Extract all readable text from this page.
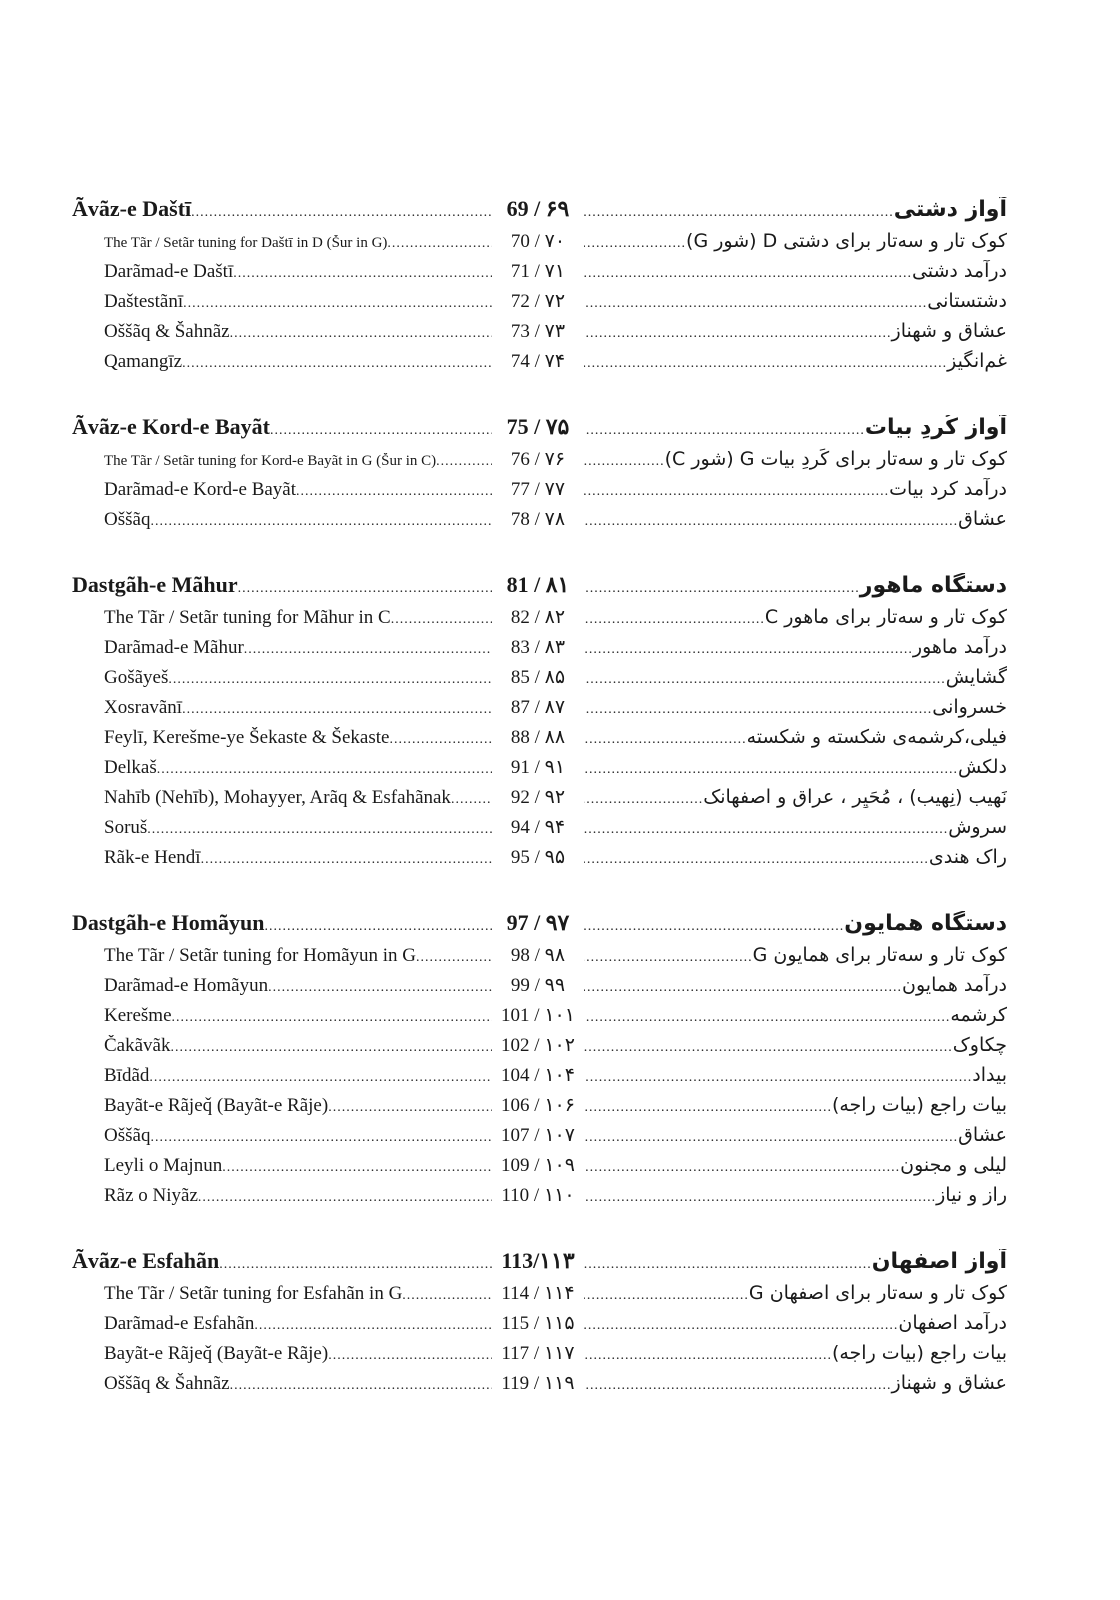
Ãvãz-e Daštī .....	69 / ۶۹	آواز دشتی
.....
The Tãr / Setãr tuning for Daštī in D (Šur in G) .....	70 / ۷۰	کوک تار و سه‌تار برای دشتی D (شور G)
.....
Darãmad-e Daštī .....	71 / ۷۱	درآمد دشتی
.....
Daštestãnī .....	72 / ۷۲	دشتستانی
.....
Oššãq & Šahnãz .....	73 / ۷۳	عشاق و شهناز
.....
Qamangīz .....	74 / ۷۴	غم‌انگیز
.....
Ãvãz-e Kord-e Bayãt .....	75 / ۷۵	آواز کُردِ بیات
.....
The Tãr / Setãr tuning for Kord-e Bayãt in G (Šur in C) .....	76 / ۷۶	کوک تار و سه‌تار برای کَردِ بیات G (شور C)
.....
Darãmad-e Kord-e Bayãt .....	77 / ۷۷	درآمد کرد بیات
.....
Oššãq .....	78 / ۷۸	عشاق
.....
Dastgãh-e Mãhur .....	81 / ۸۱	دستگاه ماهور
.....
The Tãr / Setãr tuning for Mãhur in C .....	82 / ۸۲	کوک تار و سه‌تار برای ماهور C
.....
Darãmad-e Mãhur .....	83 / ۸۳	درآمد ماهور
.....
Gošãyeš .....	85 / ۸۵	گشایش
.....
Xosravãnī .....	87 / ۸۷	خسروانی
.....
Feylī, Kerešme-ye Šekaste & Šekaste .....	88 / ۸۸	فیلی،کرشمه‌ی شکسته و شکسته
.....
Delkaš .....	91 / ۹۱	دلکش
.....
Nahīb (Nehīb), Mohayyer, Arãq & Esfahãnak .....	92 / ۹۲	نَهیب (نِهیب) ، مُحَیِر ، عراق و اصفهانک
.....
Soruš .....	94 / ۹۴	سروش
.....
Rãk-e Hendī .....	95 / ۹۵	راک هندی
.....
Dastgãh-e Homãyun .....	97 / ۹۷	دستگاه همایون
.....
The Tãr / Setãr tuning for Homãyun in G .....	98 / ۹۸	کوک تار و سه‌تار برای همایون G
.....
Darãmad-e Homãyun .....	99 / ۹۹	درآمد همایون
.....
Kerešme .....	101 / ۱۰۱	کرشمه
.....
Čakãvãk .....	102 / ۱۰۲	چکاوک
.....
Bīdãd .....	104 / ۱۰۴	بیداد
.....
Bayãt-e Rãjeq̌ (Bayãt-e Rãje) .....	106 / ۱۰۶	بیات راجع (بیات راجه)
.....
Oššãq .....	107 / ۱۰۷	عشاق
.....
Leyli o Majnun .....	109 / ۱۰۹	لیلی و مجنون
.....
Rãz o Niyãz .....	110 / ۱۱۰	راز و نیاز
.....
Ãvãz-e Esfahãn .....	113/۱۱۳	آواز اصفهان
.....
The Tãr / Setãr tuning for Esfahãn in G .....	114 / ۱۱۴	کوک تار و سه‌تار برای اصفهان G
.....
Darãmad-e Esfahãn .....	115 / ۱۱۵	درآمد اصفهان
.....
Bayãt-e Rãjeq̌ (Bayãt-e Rãje) .....	117 / ۱۱۷	بیات راجع (بیات راجه)
.....
Oššãq & Šahnãz .....	119 / ۱۱۹	عشاق و شهناز
.....
